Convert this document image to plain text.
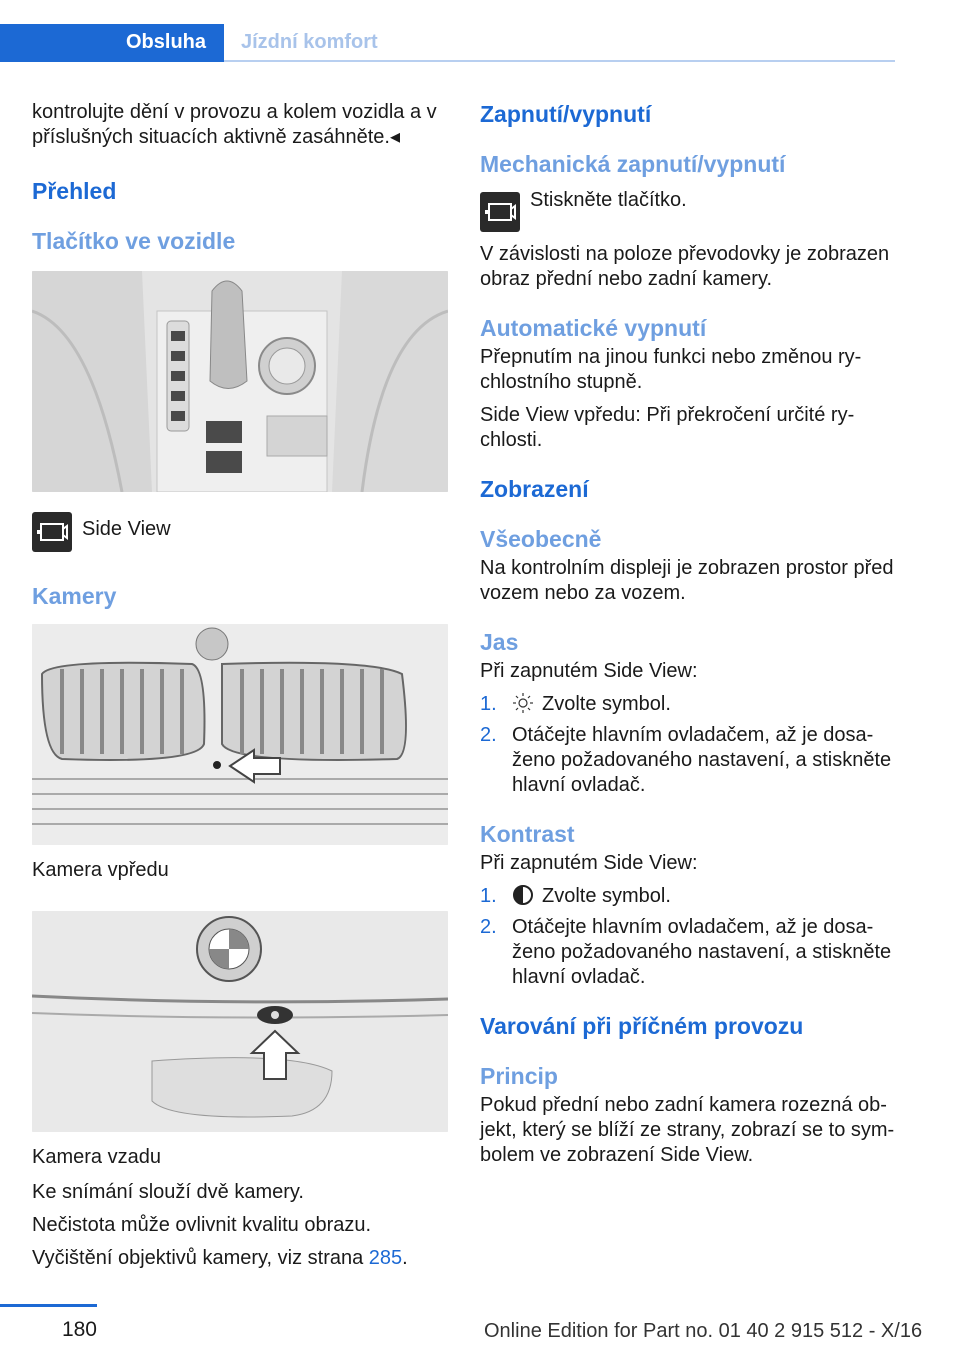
Obsluha	Jízdní komfort
kontrolujte dění v provozu a kolem vozidla a v příslušných situacích aktivně zasáhněte.◂
Přehled
Tlačítko ve vozidle
Side View
Kamery
Kamera vpředu
Kamera vzadu
Ke snímání slouží dvě kamery.
Nečistota může ovlivnit kvalitu obrazu.
Vyčištění objektivů kamery, viz strana 285.
Zapnutí/vypnutí
Mechanická zapnutí/vypnutí
Stiskněte tlačítko.
V závislosti na poloze převodovky je zobrazen obraz přední nebo zadní kamery.
Automatické vypnutí
Přepnutím na jinou funkci nebo změnou rychlostního stupně.
Side View vpředu: Při překročení určité rychlosti.
Zobrazení
Všeobecně
Na kontrolním displeji je zobrazen prostor před vozem nebo za vozem.
Jas
Při zapnutém Side View:
1.	Zvolte symbol.
2. Otáčejte hlavním ovladačem, až je dosaženo požadovaného nastavení, a stiskněte hlavní ovladač.
Kontrast
Při zapnutém Side View:
1.	Zvolte symbol.
2. Otáčejte hlavním ovladačem, až je dosaženo požadovaného nastavení, a stiskněte hlavní ovladač.
Varování při příčném provozu
Princip
Pokud přední nebo zadní kamera rozezná objekt, který se blíží ze strany, zobrazí se to symbolem ve zobrazení Side View.
180	Online Edition for Part no. 01 40 2 915 512 - X/16
